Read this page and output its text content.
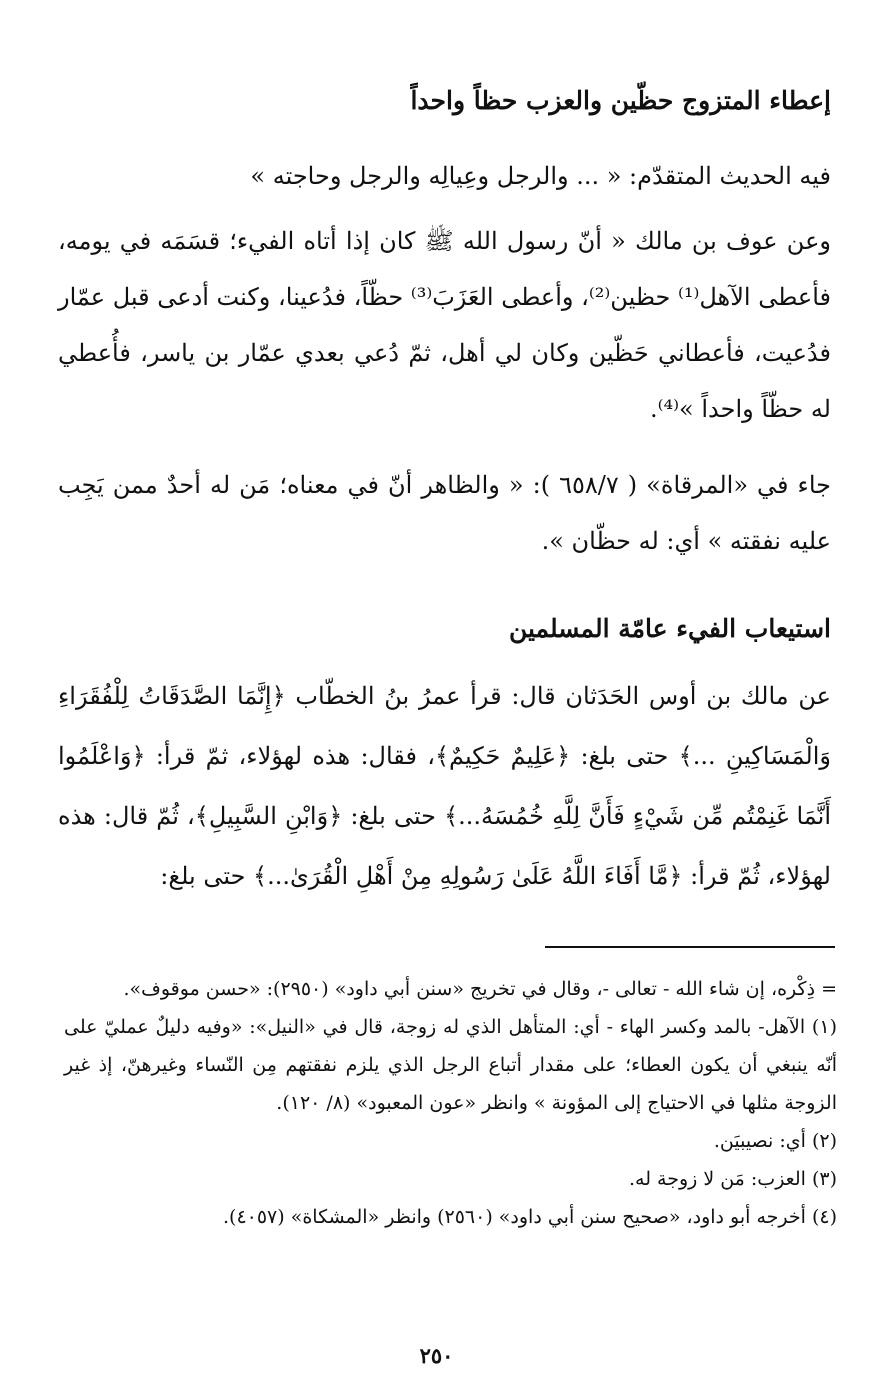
إعطاء المتزوج حظّين والعزب حظاً واحداً
فيه الحديث المتقدّم: « ... والرجل وعِيالِه والرجل وحاجته »
وعن عوف بن مالك « أنّ رسول الله ﷺ كان إذا أتاه الفيء؛ قسَمَه في يومه، فأعطى الآهل⁽¹⁾ حظين⁽²⁾، وأعطى العَزَبَ⁽³⁾ حظّاً، فدُعينا، وكنت أدعى قبل عمّار فدُعيت، فأعطاني حَظّين وكان لي أهل، ثمّ دُعي بعدي عمّار بن ياسر، فأُعطي له حظّاً واحداً »⁽⁴⁾.
جاء في «المرقاة» ( ٦٥٨/٧ ): « والظاهر أنّ في معناه؛ مَن له أحدٌ ممن يَجِب عليه نفقته » أي: له حظّان ».
استيعاب الفيء عامّة المسلمين
عن مالك بن أوس الحَدَثان قال: قرأ عمرُ بنُ الخطّاب ﴿إِنَّمَا الصَّدَقَاتُ لِلْفُقَرَاءِ وَالْمَسَاكِينِ ...﴾ حتى بلغ: ﴿عَلِيمٌ حَكِيمٌ﴾، فقال: هذه لهؤلاء، ثمّ قرأ: ﴿وَاعْلَمُوا أَنَّمَا غَنِمْتُم مِّن شَيْءٍ فَأَنَّ لِلَّهِ خُمُسَهُ...﴾ حتى بلغ: ﴿وَابْنِ السَّبِيلِ﴾، ثُمّ قال: هذه لهؤلاء، ثُمّ قرأ: ﴿مَّا أَفَاءَ اللَّهُ عَلَىٰ رَسُولِهِ مِنْ أَهْلِ الْقُرَىٰ...﴾ حتى بلغ:
= ذِكْره، إن شاء الله - تعالى -، وقال في تخريج «سنن أبي داود» (٢٩٥٠): «حسن موقوف».
(١) الآهل- بالمد وكسر الهاء - أي: المتأهل الذي له زوجة، قال في «النيل»: «وفيه دليلٌ عمليّ على أنّه ينبغي أن يكون العطاء؛ على مقدار أتباع الرجل الذي يلزم نفقتهم مِن النّساء وغيرهنّ، إذ غير الزوجة مثلها في الاحتياج إلى المؤونة » وانظر «عون المعبود» (٨/ ١٢٠).
(٢) أي: نصيبيَن.
(٣) العزب: مَن لا زوجة له.
(٤) أخرجه أبو داود، «صحيح سنن أبي داود» (٢٥٦٠) وانظر «المشكاة» (٤٠٥٧).
٢٥٠
